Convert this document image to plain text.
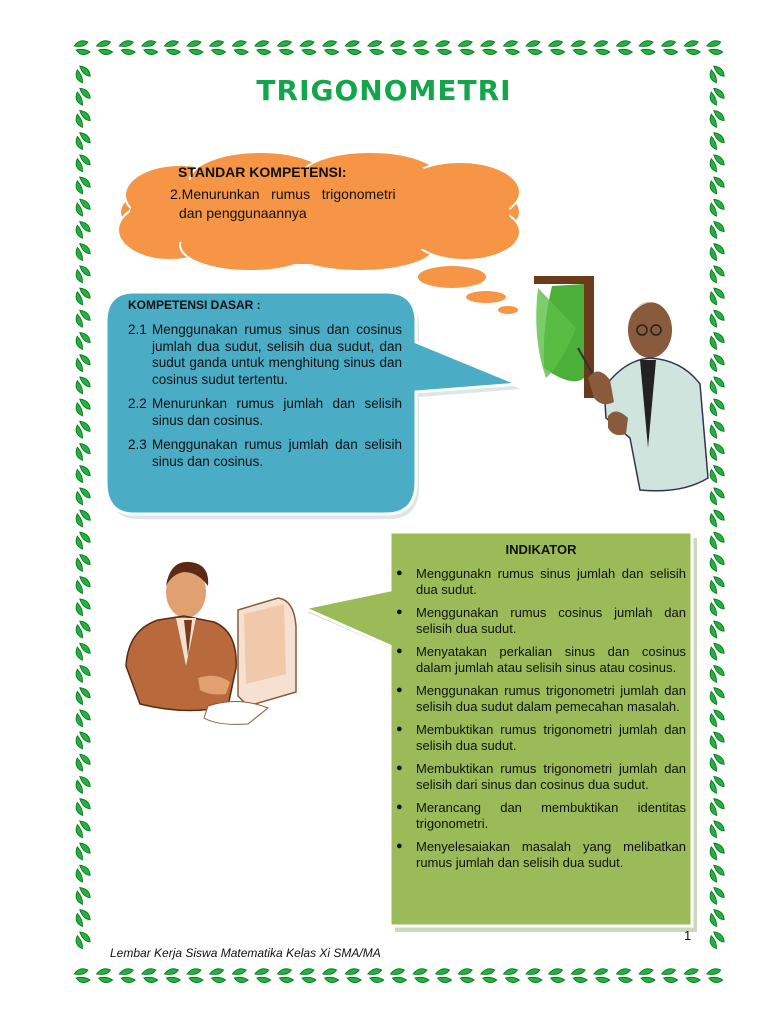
TRIGONOMETRI
STANDAR KOMPETENSI:
2.Menurunkan   rumus   trigonometri
dan penggunaannya
KOMPETENSI DASAR :
2.1 Menggunakan rumus sinus dan cosinus jumlah dua sudut, selisih dua sudut, dan sudut ganda untuk menghitung sinus dan cosinus sudut tertentu.
2.2 Menurunkan rumus jumlah dan selisih sinus dan cosinus.
2.3 Menggunakan rumus jumlah dan selisih sinus dan cosinus.
INDIKATOR
●	Menggunakn rumus sinus jumlah dan selisih dua sudut.
●	Menggunakan rumus cosinus jumlah dan selisih dua sudut.
●	Menyatakan perkalian sinus dan cosinus dalam jumlah atau selisih sinus atau cosinus.
●	Menggunakan rumus trigonometri jumlah dan selisih dua sudut dalam pemecahan masalah.
●	Membuktikan rumus trigonometri jumlah dan selisih dua sudut.
●	Membuktikan rumus trigonometri jumlah dan selisih dari sinus dan cosinus dua sudut.
●	Merancang dan membuktikan identitas trigonometri.
●	Menyelesaiakan masalah yang melibatkan rumus jumlah dan selisih dua sudut.
1
Lembar Kerja Siswa Matematika Kelas Xi SMA/MA
